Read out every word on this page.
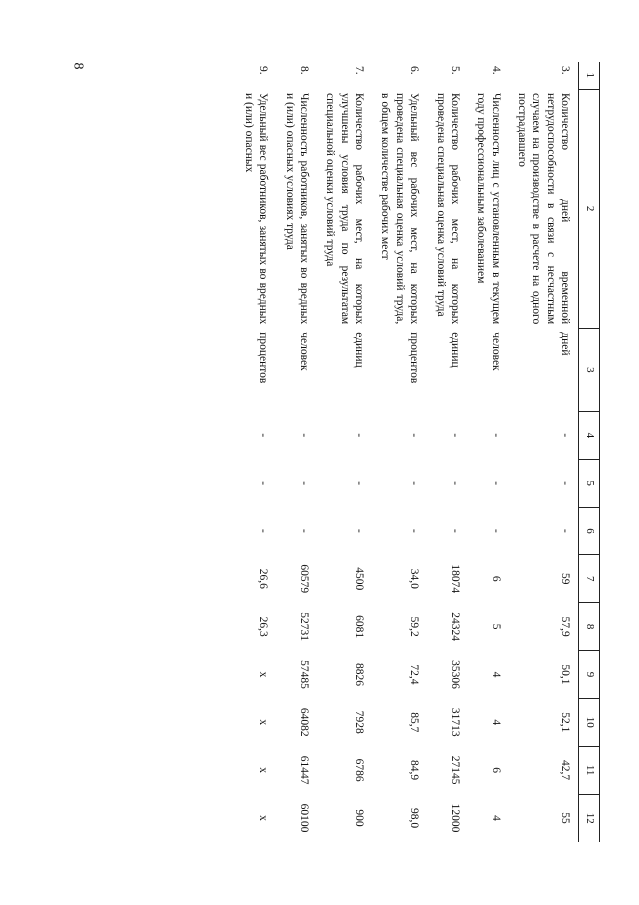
8
1	2	3	4	5	6	7	8	9	10	11	12
3.	Количество дней временной нетрудоспособности в связи с несчастным случаем на производстве в расчете на одного пострадавшего	дней	-	-	-	59	57,9	50,1	52,1	42,7	55
4.	Численность лиц с установленным в текущем году профессиональным заболеванием	человек	-	-	-	6	5	4	4	6	4
5.	Количество рабочих мест, на которых проведена специальная оценка условий труда	единиц	-	-	-	18074	24324	35306	31713	27145	12000
6.	Удельный вес рабочих мест, на которых проведена специальная оценка условий труда, в общем количестве рабочих мест	процентов	-	-	-	34,0	59,2	72,4	85,7	84,9	98,0
7.	Количество рабочих мест, на которых улучшены условия труда по результатам специальной оценки условий труда	единиц	-	-	-	4500	6081	8826	7928	6786	900
8.	Численность работников, занятых во вредных и (или) опасных условиях труда	человек	-	-	-	60579	52731	57485	64082	61447	60100
9.	Удельный вес работников, занятых во вредных и (или) опасных	процентов	-	-	-	26,6	26,3	x	x	x	x
